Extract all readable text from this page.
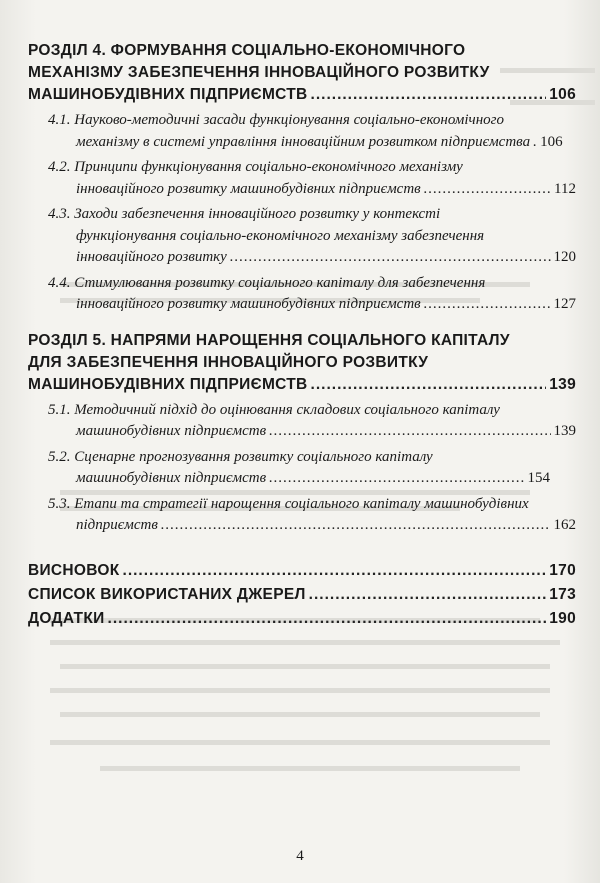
РОЗДІЛ 4. ФОРМУВАННЯ СОЦІАЛЬНО-ЕКОНОМІЧНОГО
МЕХАНІЗМУ ЗАБЕЗПЕЧЕННЯ ІННОВАЦІЙНОГО РОЗВИТКУ
МАШИНОБУДІВНИХ ПІДПРИЄМСТВ .....	106
4.1. Науково-методичні засади функціонування соціально-економічного
механізму в системі управління інноваційним розвитком підприємства ..... 106
4.2. Принципи функціонування соціально-економічного механізму
інноваційного розвитку машинобудівних підприємств .....	112
4.3. Заходи забезпечення інноваційного розвитку у контексті
функціонування соціально-економічного механізму забезпечення
інноваційного розвитку .....	120
4.4. Стимулювання розвитку соціального капіталу для забезпечення
інноваційного розвитку машинобудівних підприємств .....	127
РОЗДІЛ 5. НАПРЯМИ НАРОЩЕННЯ СОЦІАЛЬНОГО КАПІТАЛУ
ДЛЯ ЗАБЕЗПЕЧЕННЯ ІННОВАЦІЙНОГО РОЗВИТКУ
МАШИНОБУДІВНИХ ПІДПРИЄМСТВ .....	139
5.1. Методичний підхід до оцінювання складових соціального капіталу
машинобудівних підприємств .....	139
5.2. Сценарне прогнозування розвитку соціального капіталу
машинобудівних підприємств .....	154
5.3. Етапи та стратегії нарощення соціального капіталу машинобудівних
підприємств .....	162
ВИСНОВОК .....	170
СПИСОК ВИКОРИСТАНИХ ДЖЕРЕЛ .....	173
ДОДАТКИ .....	190
4
